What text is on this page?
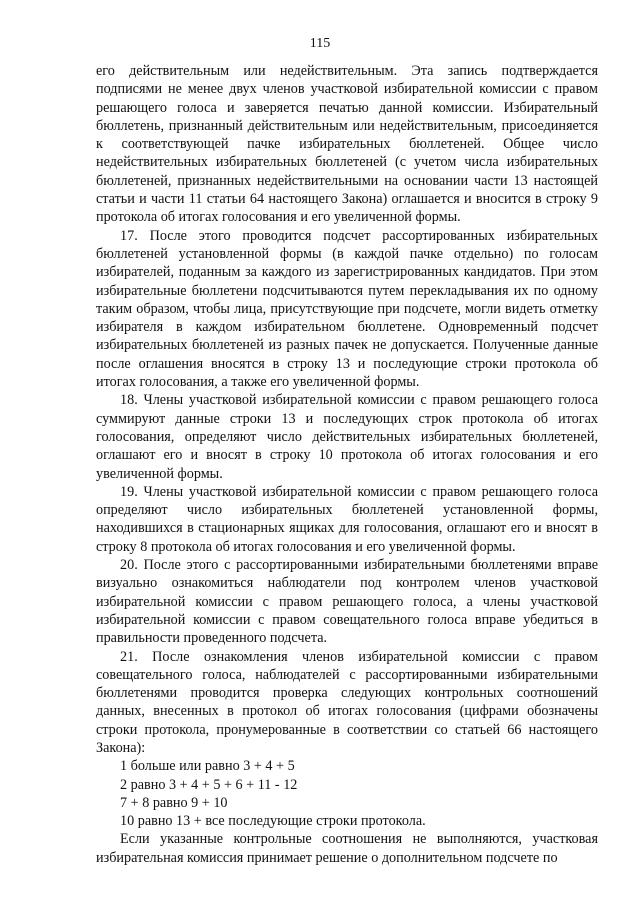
115

его действительным или недействительным. Эта запись подтверждается подписями не менее двух членов участковой избирательной комиссии с правом решающего голоса и заверяется печатью данной комиссии. Избирательный бюллетень, признанный действительным или недействительным, присоединяется к соответствующей пачке избирательных бюллетеней. Общее число недействительных избирательных бюллетеней (с учетом числа избирательных бюллетеней, признанных недействительными на основании части 13 настоящей статьи и части 11 статьи 64 настоящего Закона) оглашается и вносится в строку 9 протокола об итогах голосования и его увеличенной формы.

17. После этого проводится подсчет рассортированных избирательных бюллетеней установленной формы (в каждой пачке отдельно) по голосам избирателей, поданным за каждого из зарегистрированных кандидатов. При этом избирательные бюллетени подсчитываются путем перекладывания их по одному таким образом, чтобы лица, присутствующие при подсчете, могли видеть отметку избирателя в каждом избирательном бюллетене. Одновременный подсчет избирательных бюллетеней из разных пачек не допускается. Полученные данные после оглашения вносятся в строку 13 и последующие строки протокола об итогах голосования, а также его увеличенной формы.

18. Члены участковой избирательной комиссии с правом решающего голоса суммируют данные строки 13 и последующих строк протокола об итогах голосования, определяют число действительных избирательных бюллетеней, оглашают его и вносят в строку 10 протокола об итогах голосования и его увеличенной формы.

19. Члены участковой избирательной комиссии с правом решающего голоса определяют число избирательных бюллетеней установленной формы, находившихся в стационарных ящиках для голосования, оглашают его и вносят в строку 8 протокола об итогах голосования и его увеличенной формы.

20. После этого с рассортированными избирательными бюллетенями вправе визуально ознакомиться наблюдатели под контролем членов участковой избирательной комиссии с правом решающего голоса, а члены участковой избирательной комиссии с правом совещательного голоса вправе убедиться в правильности проведенного подсчета.

21. После ознакомления членов избирательной комиссии с правом совещательного голоса, наблюдателей с рассортированными избирательными бюллетенями проводится проверка следующих контрольных соотношений данных, внесенных в протокол об итогах голосования (цифрами обозначены строки протокола, пронумерованные в соответствии со статьей 66 настоящего Закона):

1 больше или равно 3 + 4 + 5

2 равно 3 + 4 + 5 + 6 + 11 - 12

7 + 8 равно 9 + 10

10 равно 13 + все последующие строки протокола.

Если указанные контрольные соотношения не выполняются, участковая избирательная комиссия принимает решение о дополнительном подсчете по
